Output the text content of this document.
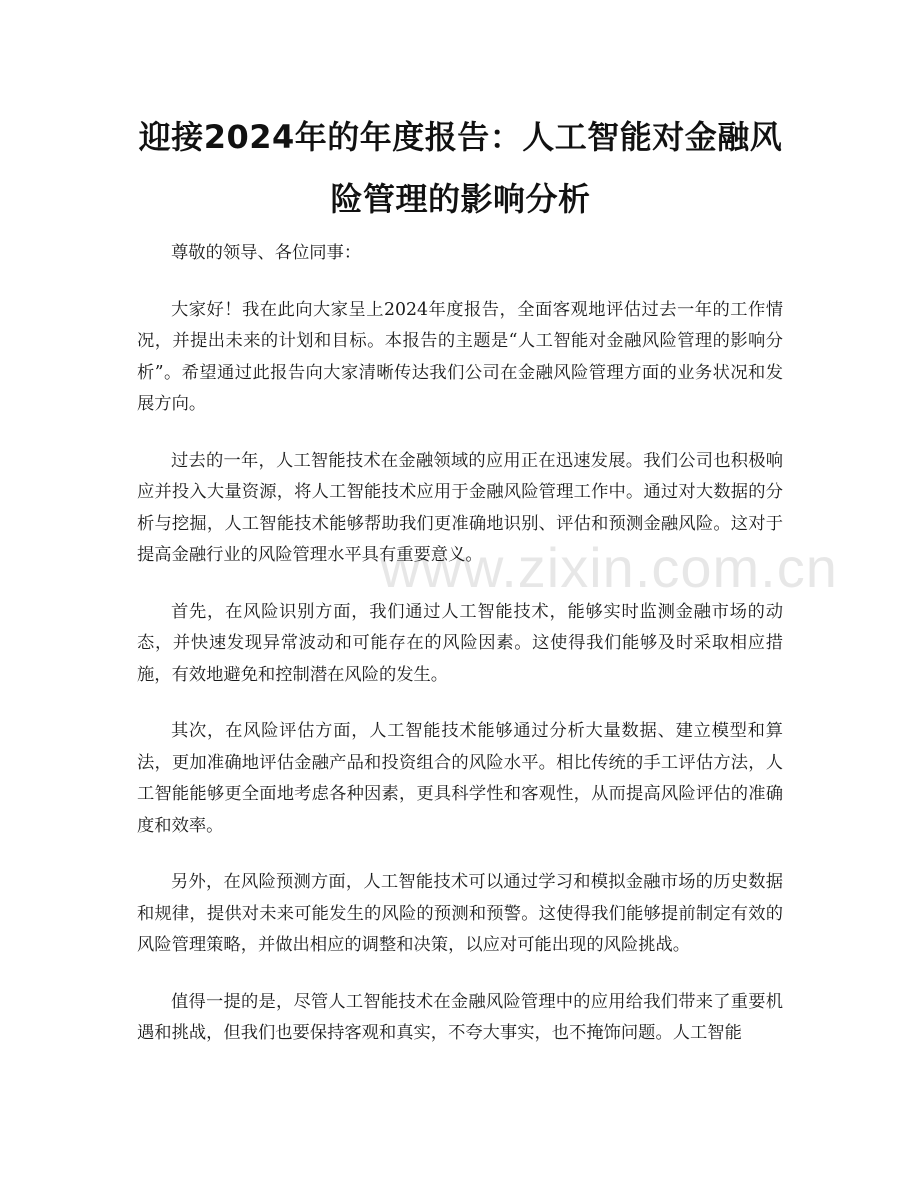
迎接2024年的年度报告：人工智能对金融风险管理的影响分析

尊敬的领导、各位同事：

大家好！我在此向大家呈上2024年度报告，全面客观地评估过去一年的工作情况，并提出未来的计划和目标。本报告的主题是“人工智能对金融风险管理的影响分析”。希望通过此报告向大家清晰传达我们公司在金融风险管理方面的业务状况和发展方向。

过去的一年，人工智能技术在金融领域的应用正在迅速发展。我们公司也积极响应并投入大量资源，将人工智能技术应用于金融风险管理工作中。通过对大数据的分析与挖掘，人工智能技术能够帮助我们更准确地识别、评估和预测金融风险。这对于提高金融行业的风险管理水平具有重要意义。

首先，在风险识别方面，我们通过人工智能技术，能够实时监测金融市场的动态，并快速发现异常波动和可能存在的风险因素。这使得我们能够及时采取相应措施，有效地避免和控制潜在风险的发生。

其次，在风险评估方面，人工智能技术能够通过分析大量数据、建立模型和算法，更加准确地评估金融产品和投资组合的风险水平。相比传统的手工评估方法，人工智能能够更全面地考虑各种因素，更具科学性和客观性，从而提高风险评估的准确度和效率。

另外，在风险预测方面，人工智能技术可以通过学习和模拟金融市场的历史数据和规律，提供对未来可能发生的风险的预测和预警。这使得我们能够提前制定有效的风险管理策略，并做出相应的调整和决策，以应对可能出现的风险挑战。

值得一提的是，尽管人工智能技术在金融风险管理中的应用给我们带来了重要机遇和挑战，但我们也要保持客观和真实，不夸大事实，也不掩饰问题。人工智能

www.zixin.com.cn
